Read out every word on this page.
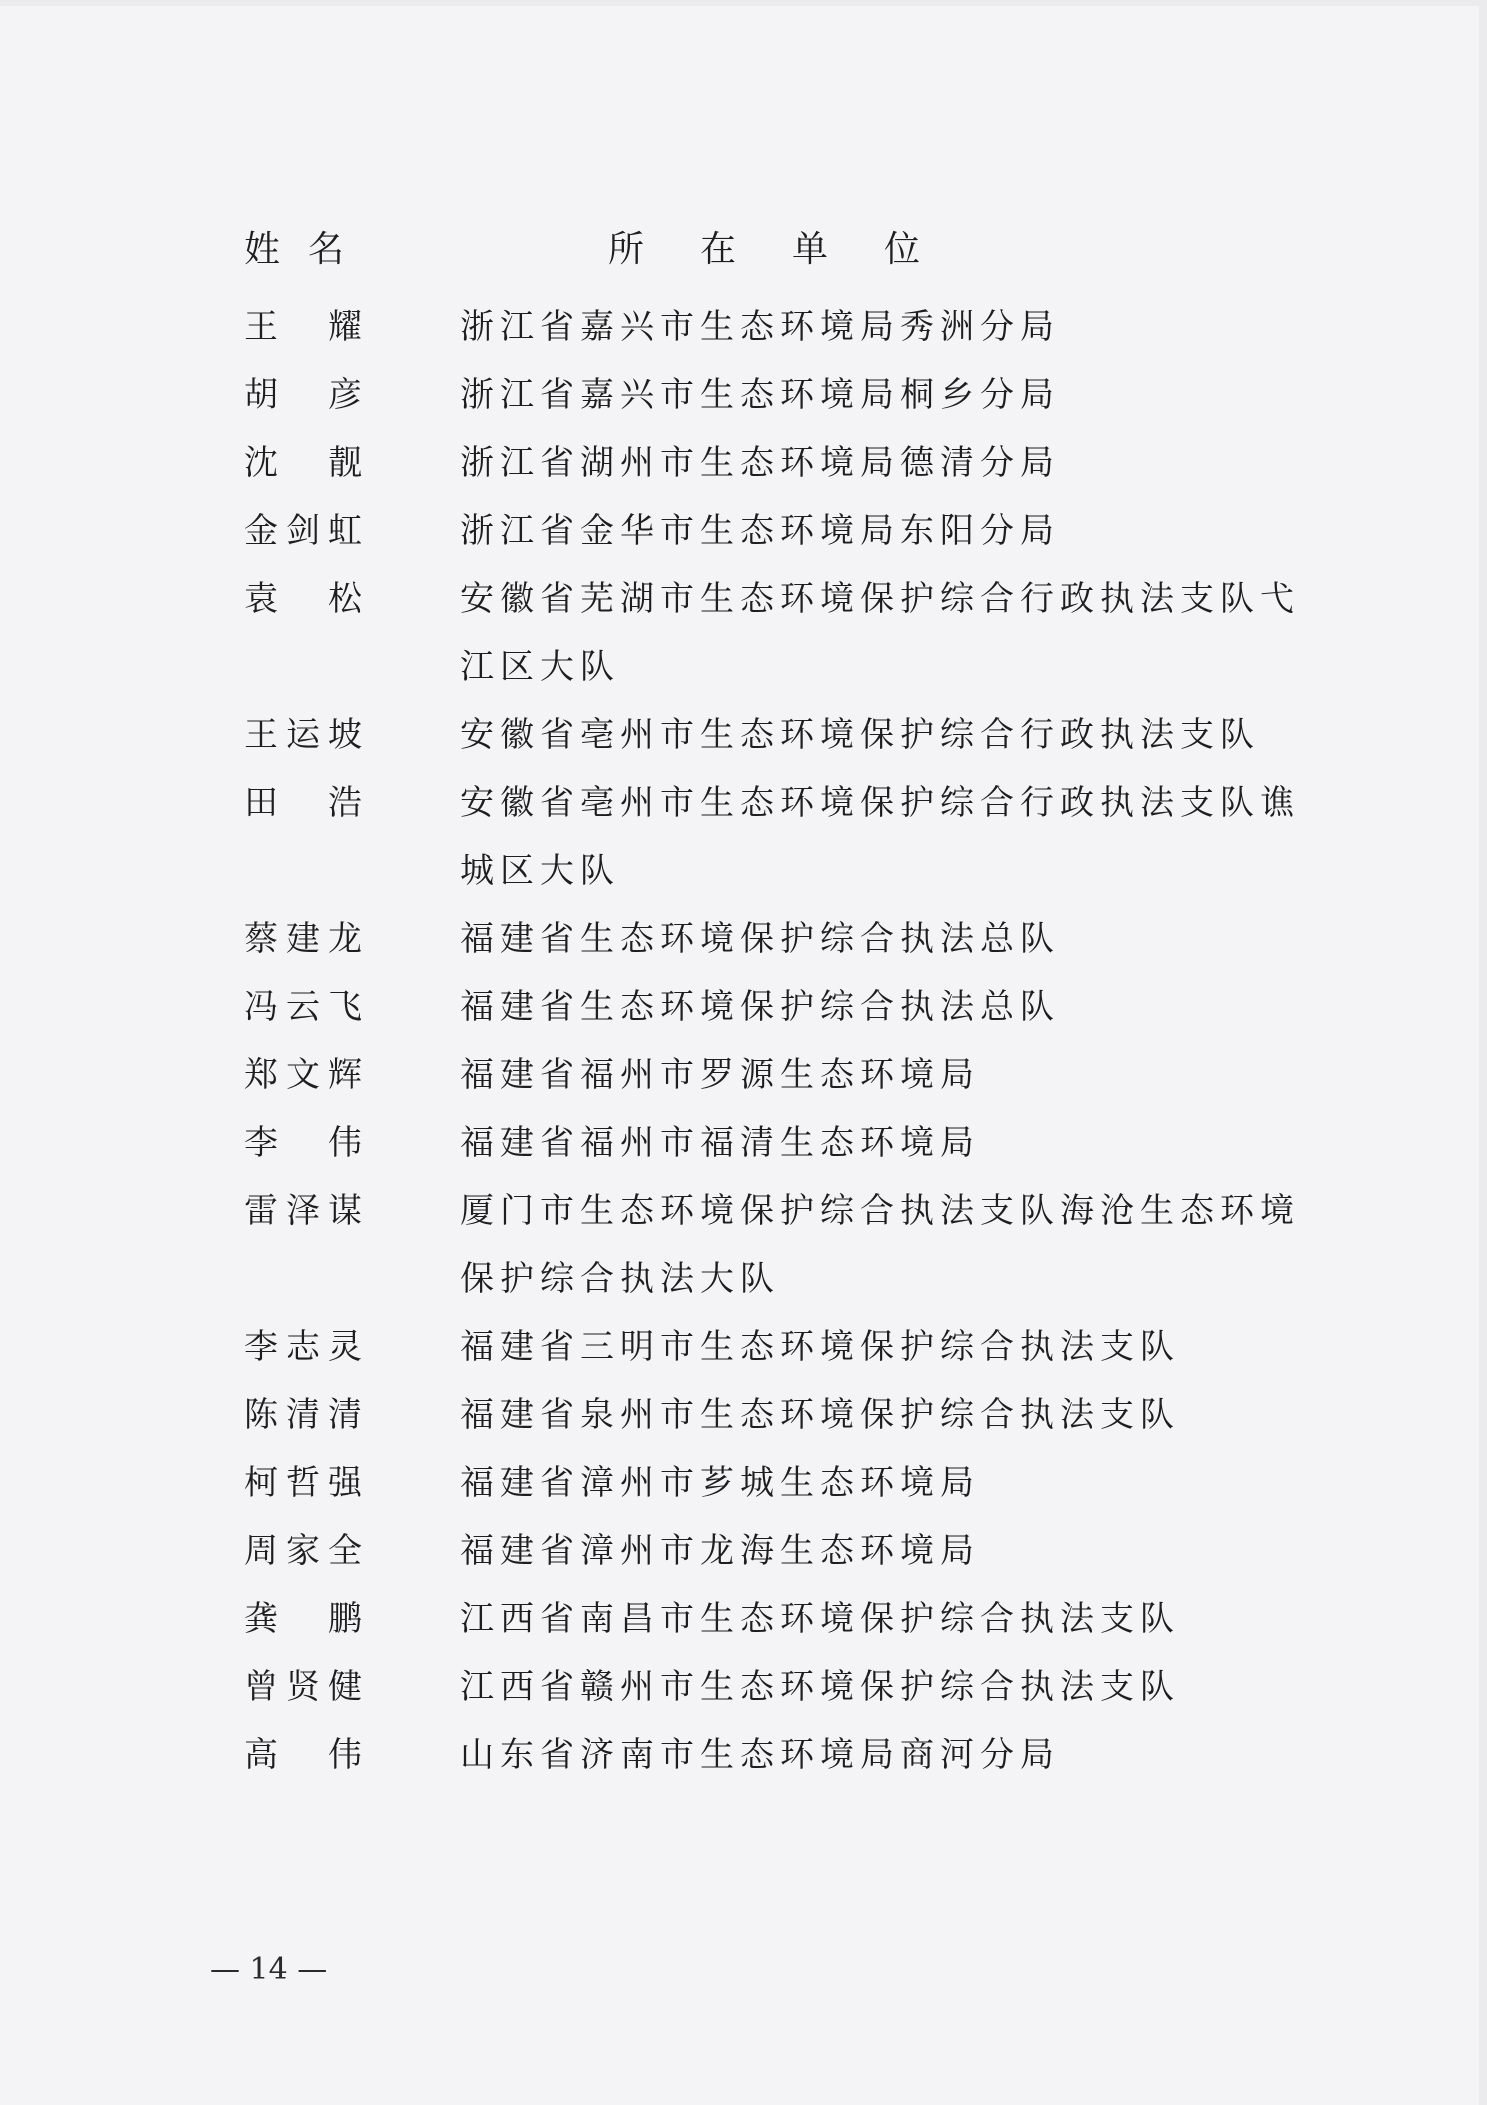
姓名	所在单位
王耀	浙江省嘉兴市生态环境局秀洲分局
胡彦	浙江省嘉兴市生态环境局桐乡分局
沈靓	浙江省湖州市生态环境局德清分局
金剑虹	浙江省金华市生态环境局东阳分局
袁松	安徽省芜湖市生态环境保护综合行政执法支队弋江区大队
王运坡	安徽省亳州市生态环境保护综合行政执法支队
田浩	安徽省亳州市生态环境保护综合行政执法支队谯城区大队
蔡建龙	福建省生态环境保护综合执法总队
冯云飞	福建省生态环境保护综合执法总队
郑文辉	福建省福州市罗源生态环境局
李伟	福建省福州市福清生态环境局
雷泽谋	厦门市生态环境保护综合执法支队海沧生态环境保护综合执法大队
李志灵	福建省三明市生态环境保护综合执法支队
陈清清	福建省泉州市生态环境保护综合执法支队
柯哲强	福建省漳州市芗城生态环境局
周家全	福建省漳州市龙海生态环境局
龚鹏	江西省南昌市生态环境保护综合执法支队
曾贤健	江西省赣州市生态环境保护综合执法支队
高伟	山东省济南市生态环境局商河分局
— 14 —
